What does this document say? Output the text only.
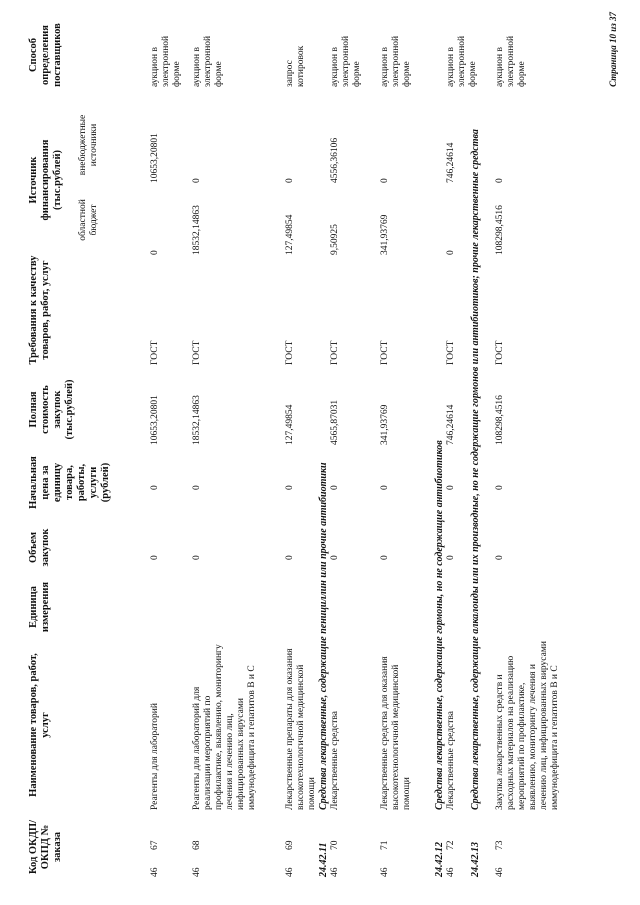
Код ОКДП/ ОКПД № заказа
Наименование товаров, работ, услуг
Единица измерения
Объем закупок
Начальная цена за единицу товара, работы, услуги (рублей)
Полная стоимость закупок (тыс.рублей)
Требования к качеству товаров, работ, услуг
Источник финансирования (тыс.рублей)
областной бюджет
внебюджетные источники
Способ определения поставщиков
46
67
Реагенты для лабораторий
0
0
10653,20801
ГОСТ
0
10653,20801
аукцион в электронной форме
46
68
Реагенты для лабораторий для реализации мероприятий по профилактике, выявлению, мониторингу лечения и лечению лиц, инфицированных вирусами иммунодефицита и гепатитов В и С
0
0
18532,14863
ГОСТ
18532,14863
0
аукцион в электронной форме
46
69
Лекарственные препараты для оказания высокотехнологичной медицинской помощи
0
0
127,49854
ГОСТ
127,49854
0
запрос котировок
24.42.11
Средства лекарственные, содержащие пенициллин или прочие антибиотики
46
70
Лекарственные средства
0
0
4565,87031
ГОСТ
9,50925
4556,36106
аукцион в электронной форме
46
71
Лекарственные средства для оказания высокотехнологичной медицинской помощи
0
0
341,93769
ГОСТ
341,93769
0
аукцион в электронной форме
24.42.12
Средства лекарственные, содержащие гормоны, но не содержащие антибиотиков
46
72
Лекарственные средства
0
0
746,24614
ГОСТ
0
746,24614
аукцион в электронной форме
24.42.13
Средства лекарственные, содержащие алкалоиды или их производные, но не содержащие гормонов или антибиотиков; прочие лекарственные средства
46
73
Закупка лекарственных средств и расходных материалов на реализацию мероприятий по профилактике, выявлению, мониторингу лечения и лечению лиц, инфицированных вирусами иммунодефицита и гепатитов В и С
0
0
108298,4516
ГОСТ
108298,4516
0
аукцион в электронной форме	Страница 10 из 37
